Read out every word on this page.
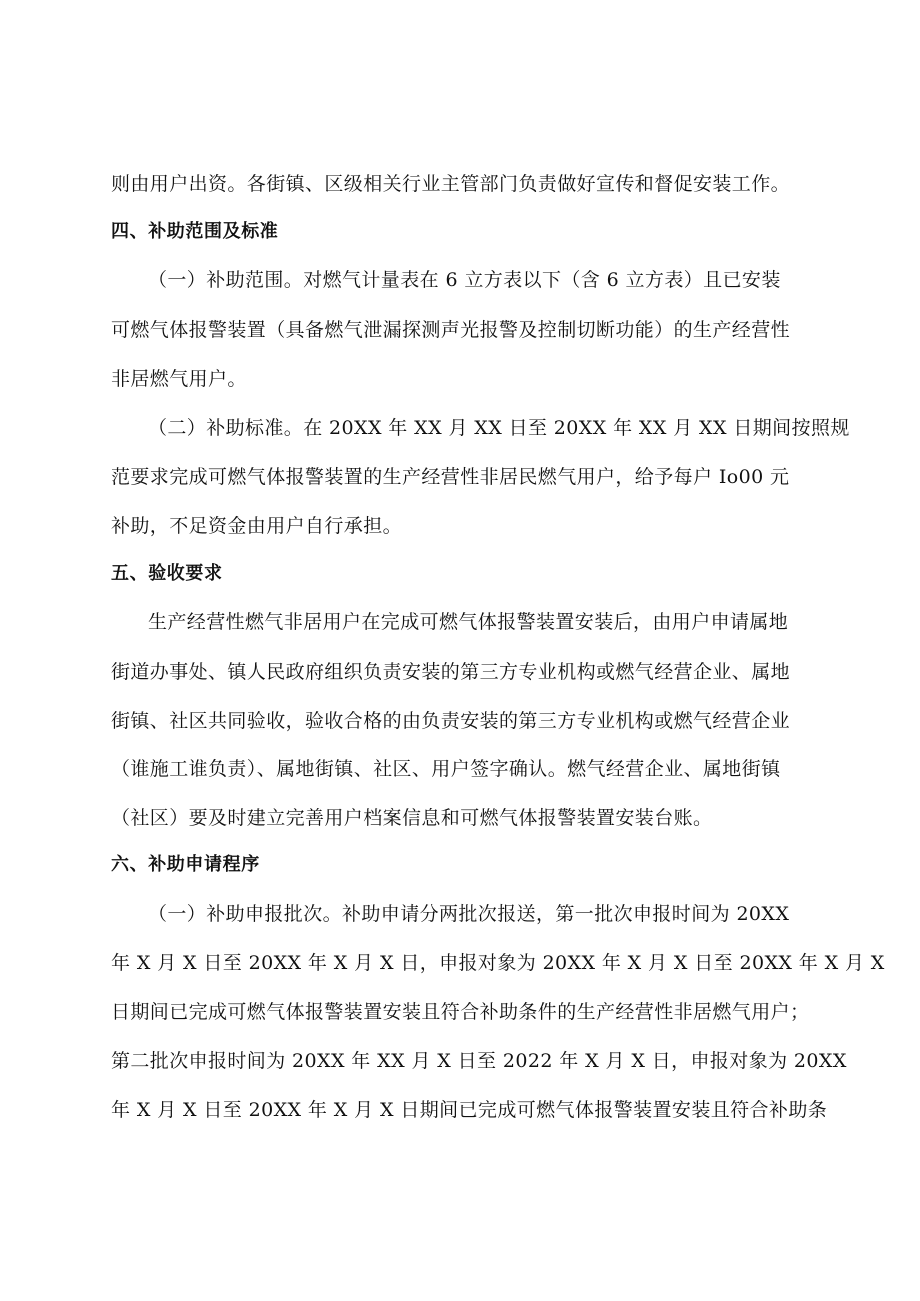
则由用户出资。各街镇、区级相关行业主管部门负责做好宣传和督促安装工作。
四、补助范围及标准
（一）补助范围。对燃气计量表在 6 立方表以下（含 6 立方表）且已安装
可燃气体报警装置（具备燃气泄漏探测声光报警及控制切断功能）的生产经营性
非居燃气用户。
（二）补助标准。在 20XX 年 XX 月 XX 日至 20XX 年 XX 月 XX 日期间按照规
范要求完成可燃气体报警装置的生产经营性非居民燃气用户，给予每户 Io00 元
补助，不足资金由用户自行承担。
五、验收要求
生产经营性燃气非居用户在完成可燃气体报警装置安装后，由用户申请属地
街道办事处、镇人民政府组织负责安装的第三方专业机构或燃气经营企业、属地
街镇、社区共同验收，验收合格的由负责安装的第三方专业机构或燃气经营企业
（谁施工谁负责）、属地街镇、社区、用户签字确认。燃气经营企业、属地街镇
（社区）要及时建立完善用户档案信息和可燃气体报警装置安装台账。
六、补助申请程序
（一）补助申报批次。补助申请分两批次报送，第一批次申报时间为 20XX
年 X 月 X 日至 20XX 年 X 月 X 日，申报对象为 20XX 年 X 月 X 日至 20XX 年 X 月 X
日期间已完成可燃气体报警装置安装且符合补助条件的生产经营性非居燃气用户；
第二批次申报时间为 20XX 年 XX 月 X 日至 2022 年 X 月 X 日，申报对象为 20XX
年 X 月 X 日至 20XX 年 X 月 X 日期间已完成可燃气体报警装置安装且符合补助条
